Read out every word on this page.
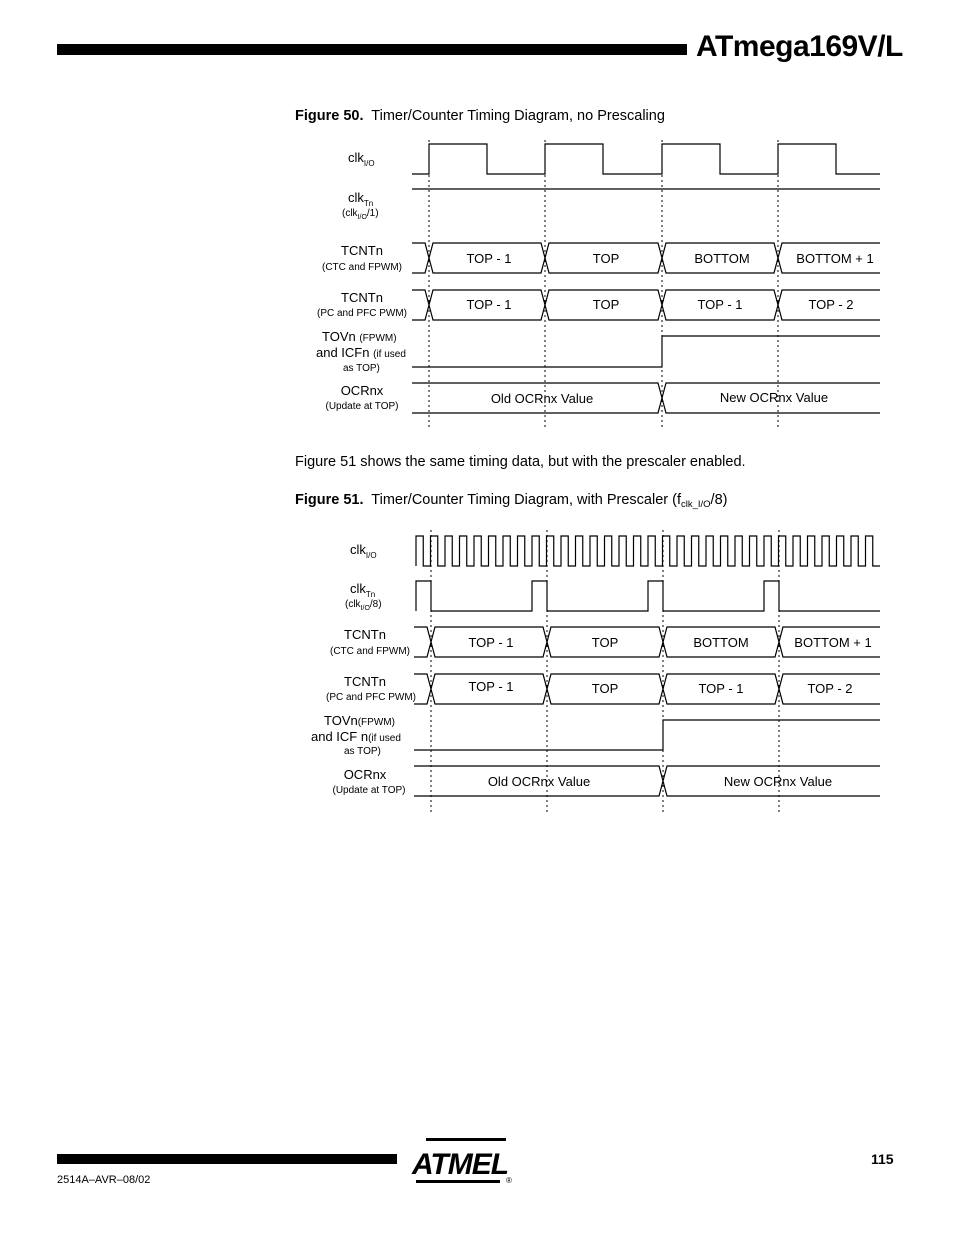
ATmega169V/L
Figure 50. Timer/Counter Timing Diagram, no Prescaling
TOP - 1	TOP	BOTTOM	BOTTOM + 1
TOP - 1	TOP	TOP - 1	TOP - 2
Old OCRnx Value	New OCRnx Value
clk$_{I/O}$
clk$_{Tn}$
(clk$_{I/O}$/1)
TCNTn
(CTC and FPWM)
TCNTn
(PC and PFC PWM)
TOVn (FPWM)
and ICFn (if used
as TOP)
OCRnx
(Update at TOP)
Figure 51 shows the same timing data, but with the prescaler enabled.
Figure 51. Timer/Counter Timing Diagram, with Prescaler $(f_{clk\_I/O}/8)$
TOP - 1	TOP	BOTTOM	BOTTOM + 1
TOP - 1	TOP	TOP - 1	TOP - 2
Old OCRnx Value	New OCRnx Value
clk$_{I/O}$
clk$_{Tn}$
(clk$_{I/O}$/8)
TCNTn
(CTC and FPWM)
TCNTn
(PC and PFC PWM)
TOVn(FPWM)
and ICF n(if used
as TOP)
OCRnx
(Update at TOP)
2514A–AVR–08/02	ATMEL
®
115
